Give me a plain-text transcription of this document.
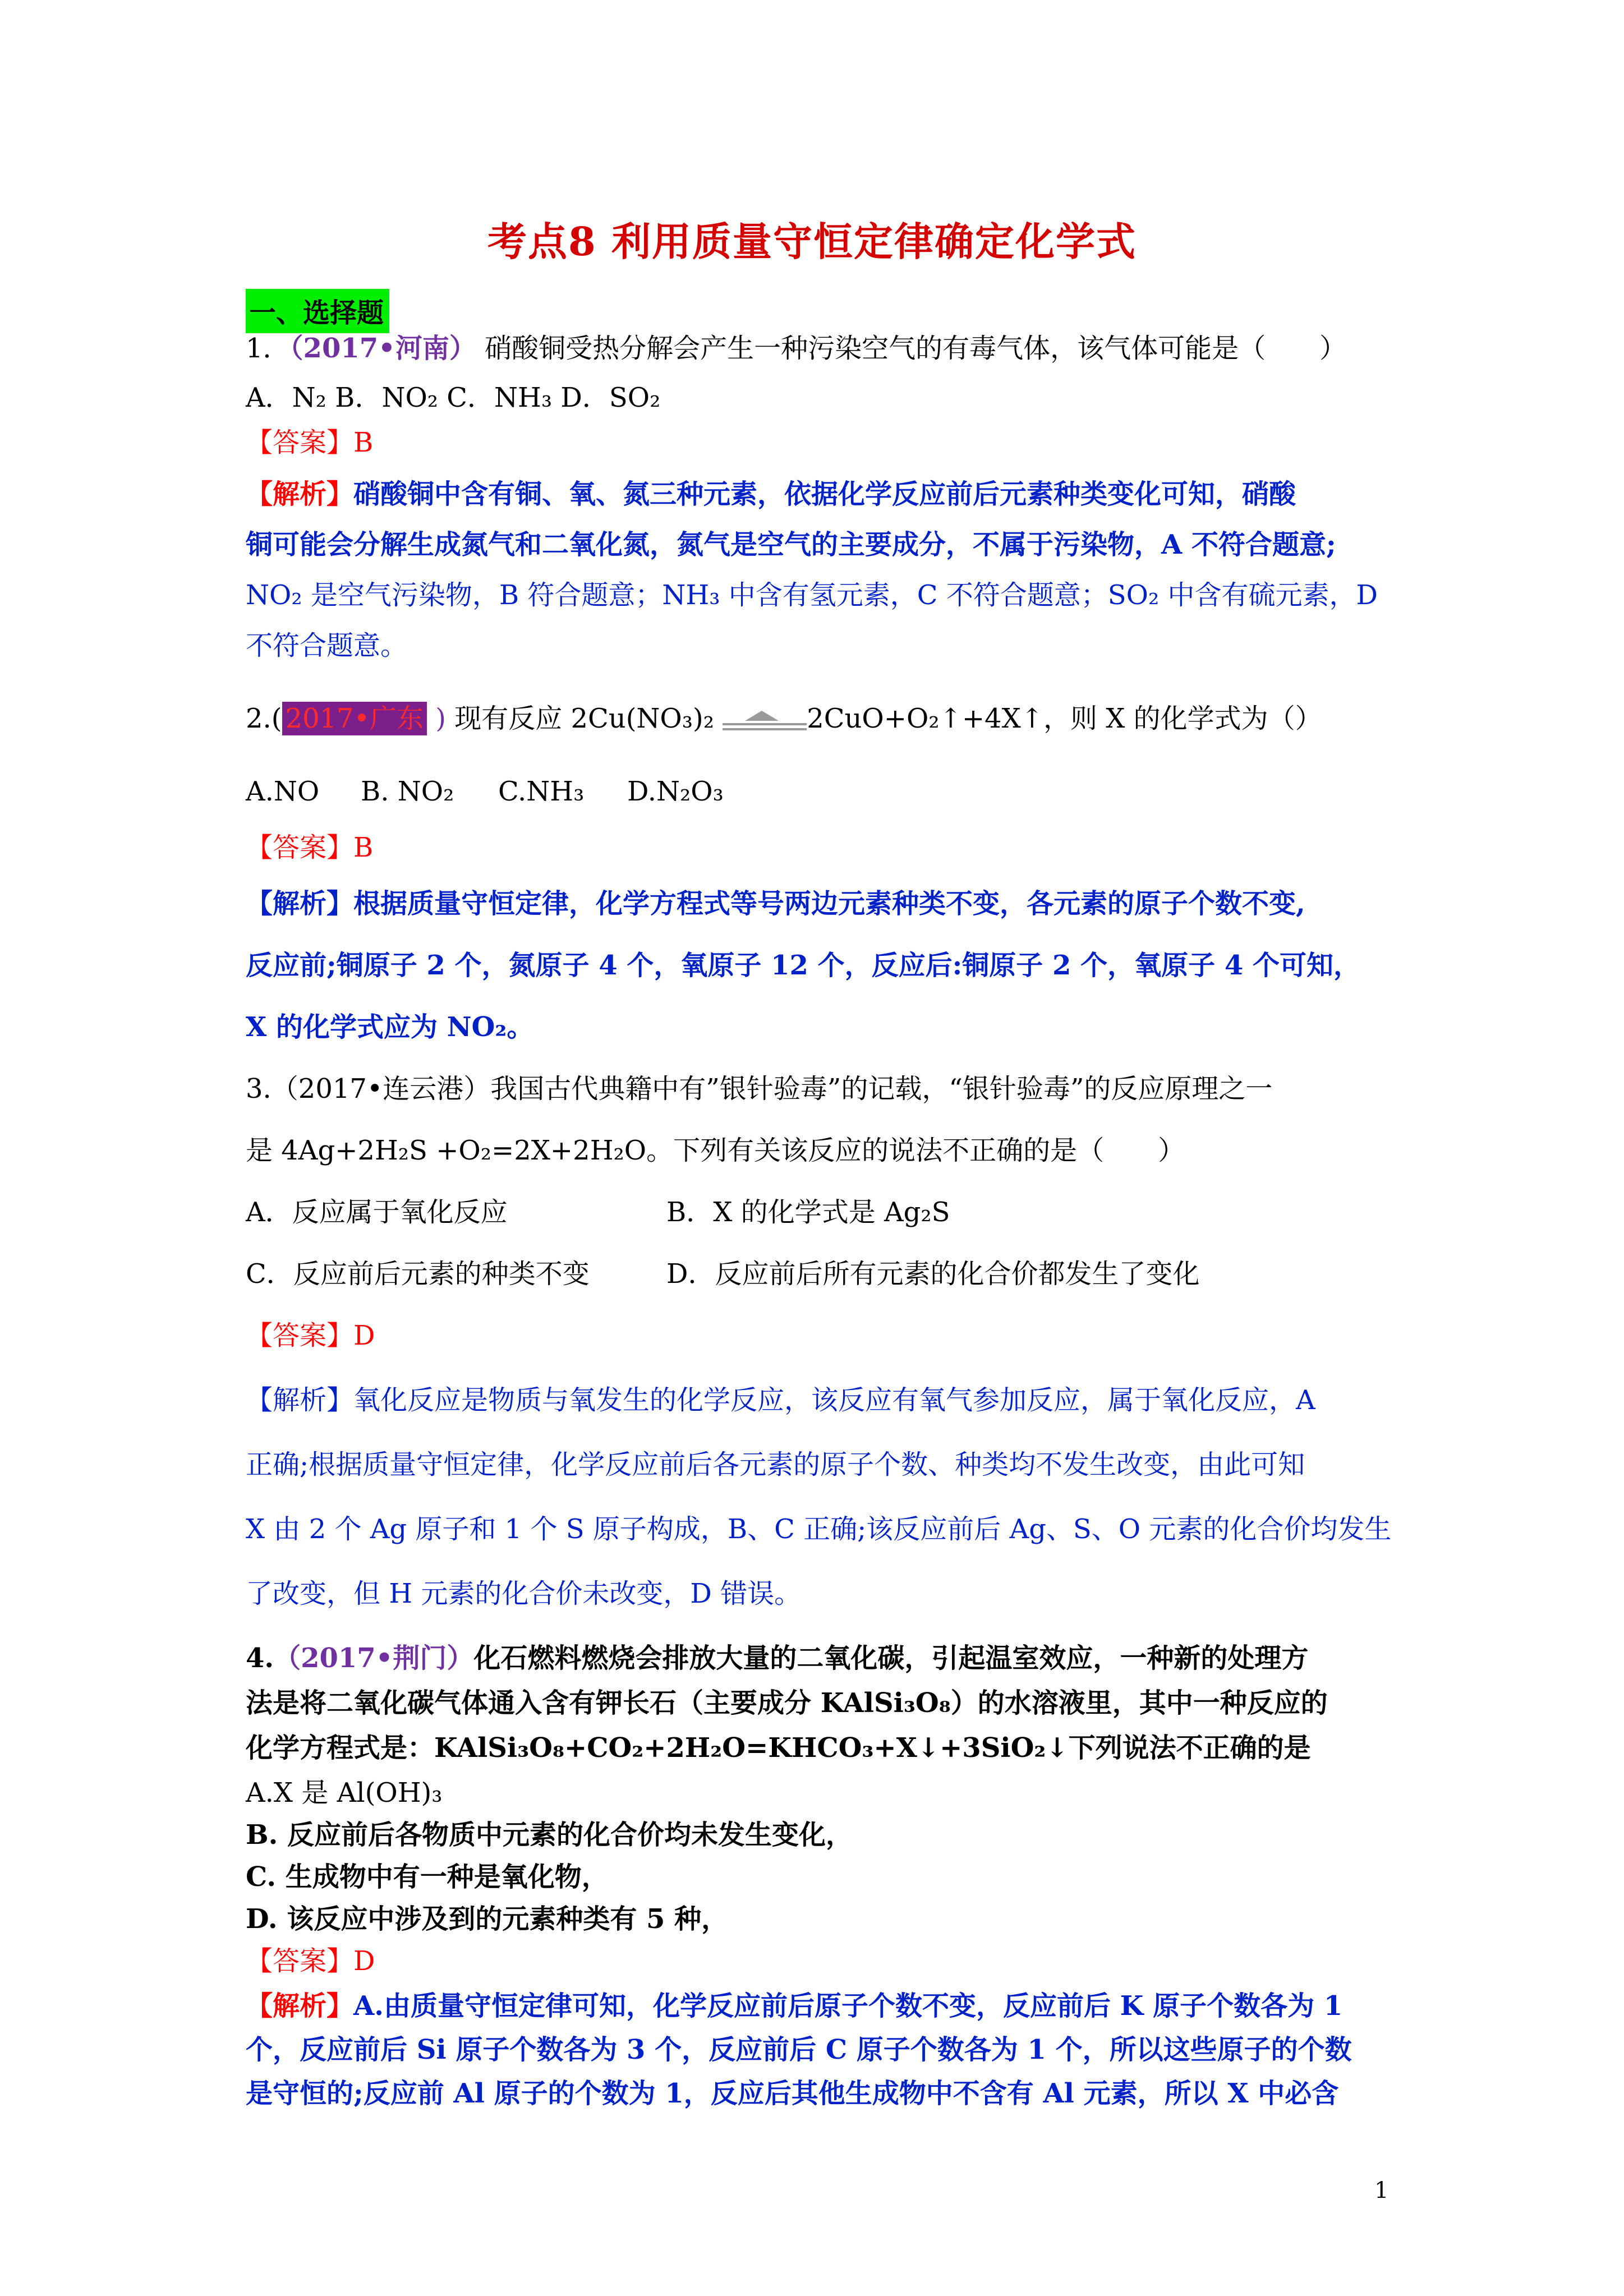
考点8 利用质量守恒定律确定化学式
一、选择题
1．（2017•河南） 硝酸铜受热分解会产生一种污染空气的有毒气体，该气体可能是（　　）
A．N₂ B．NO₂ C．NH₃ D．SO₂
【答案】B
【解析】硝酸铜中含有铜、氧、氮三种元素，依据化学反应前后元素种类变化可知，硝酸
铜可能会分解生成氮气和二氧化氮，氮气是空气的主要成分，不属于污染物，A 不符合题意;
NO₂ 是空气污染物，B 符合题意；NH₃ 中含有氢元素，C 不符合题意；SO₂ 中含有硫元素，D
不符合题意。
2.( 2017•广东 ) 现有反应 2Cu(NO₃)₂	2CuO+O₂↑+4X↑，则 X 的化学式为（）
A.NO B. NO₂ C.NH₃ D.N₂O₃
【答案】B
【解析】根据质量守恒定律，化学方程式等号两边元素种类不变，各元素的原子个数不变,
反应前;铜原子 2 个，氮原子 4 个，氧原子 12 个，反应后:铜原子 2 个，氧原子 4 个可知，
X 的化学式应为 NO₂。
3.（2017•连云港）我国古代典籍中有”银针验毒”的记载，“银针验毒”的反应原理之一
是 4Ag+2H₂S +O₂=2X+2H₂O。下列有关该反应的说法不正确的是（　　）
A．反应属于氧化反应	B．X 的化学式是 Ag₂S
C．反应前后元素的种类不变	D．反应前后所有元素的化合价都发生了变化
【答案】D
【解析】氧化反应是物质与氧发生的化学反应，该反应有氧气参加反应，属于氧化反应，A
正确;根据质量守恒定律，化学反应前后各元素的原子个数、种类均不发生改变，由此可知
X 由 2 个 Ag 原子和 1 个 S 原子构成，B、C 正确;该反应前后 Ag、S、O 元素的化合价均发生
了改变，但 H 元素的化合价未改变，D 错误。
4.（2017•荆门）化石燃料燃烧会排放大量的二氧化碳，引起温室效应，一种新的处理方
法是将二氧化碳气体通入含有钾长石（主要成分 KAlSi₃O₈）的水溶液里，其中一种反应的
化学方程式是：KAlSi₃O₈+CO₂+2H₂O=KHCO₃+X↓+3SiO₂↓下列说法不正确的是
A.X 是 Al(OH)₃
B. 反应前后各物质中元素的化合价均未发生变化，
C. 生成物中有一种是氧化物，
D. 该反应中涉及到的元素种类有 5 种，
【答案】D
【解析】A.由质量守恒定律可知，化学反应前后原子个数不变，反应前后 K 原子个数各为 1
个，反应前后 Si 原子个数各为 3 个，反应前后 C 原子个数各为 1 个，所以这些原子的个数
是守恒的;反应前 Al 原子的个数为 1，反应后其他生成物中不含有 Al 元素，所以 X 中必含
1
